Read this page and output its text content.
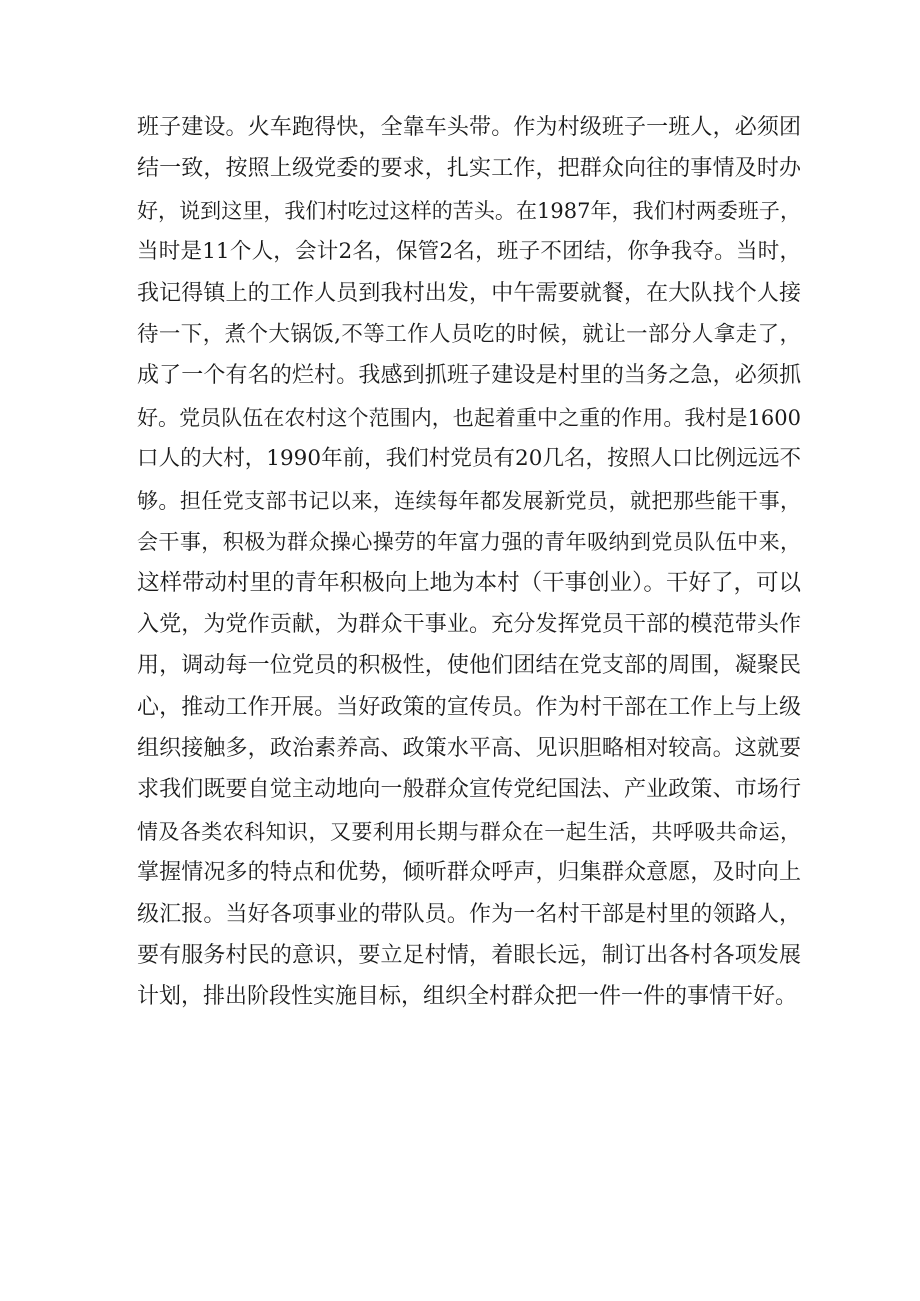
班子建设。火车跑得快，全靠车头带。作为村级班子一班人，必须团
结一致，按照上级党委的要求，扎实工作，把群众向往的事情及时办
好，说到这里，我们村吃过这样的苦头。在1987年，我们村两委班子，
当时是11个人，会计2名，保管2名，班子不团结，你争我夺。当时，
我记得镇上的工作人员到我村出发，中午需要就餐，在大队找个人接
待一下，煮个大锅饭,不等工作人员吃的时候，就让一部分人拿走了，
成了一个有名的烂村。我感到抓班子建设是村里的当务之急，必须抓
好。党员队伍在农村这个范围内，也起着重中之重的作用。我村是1600
口人的大村，1990年前，我们村党员有20几名，按照人口比例远远不
够。担任党支部书记以来，连续每年都发展新党员，就把那些能干事，
会干事，积极为群众操心操劳的年富力强的青年吸纳到党员队伍中来，
这样带动村里的青年积极向上地为本村（干事创业）。干好了，可以
入党，为党作贡献，为群众干事业。充分发挥党员干部的模范带头作
用，调动每一位党员的积极性，使他们团结在党支部的周围，凝聚民
心，推动工作开展。当好政策的宣传员。作为村干部在工作上与上级
组织接触多，政治素养高、政策水平高、见识胆略相对较高。这就要
求我们既要自觉主动地向一般群众宣传党纪国法、产业政策、市场行
情及各类农科知识，又要利用长期与群众在一起生活，共呼吸共命运，
掌握情况多的特点和优势，倾听群众呼声，归集群众意愿，及时向上
级汇报。当好各项事业的带队员。作为一名村干部是村里的领路人，
要有服务村民的意识，要立足村情，着眼长远，制订出各村各项发展
计划，排出阶段性实施目标，组织全村群众把一件一件的事情干好。
